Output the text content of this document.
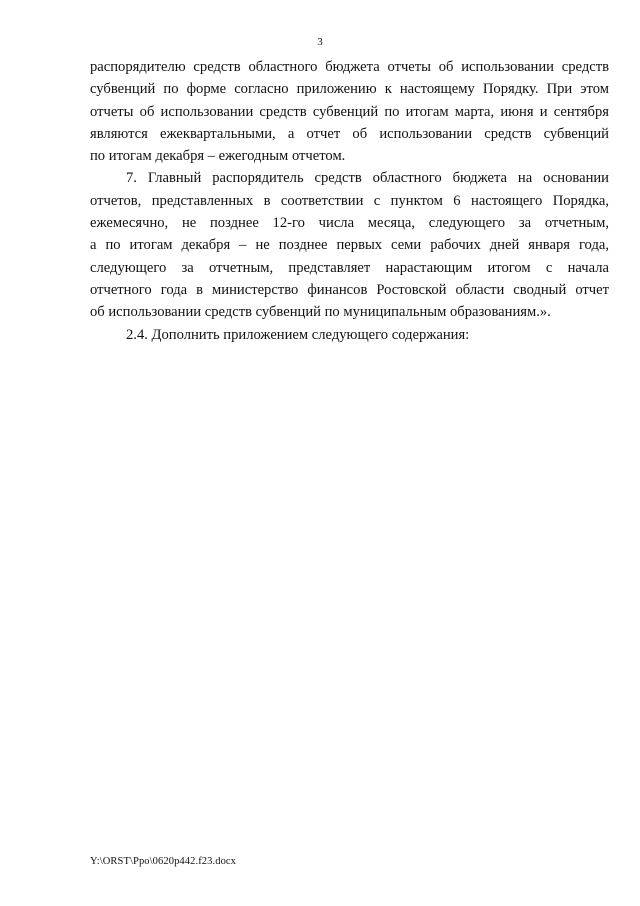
3

распорядителю средств областного бюджета отчеты об использовании средств
субвенций по форме согласно приложению к настоящему Порядку. При этом
отчеты об использовании средств субвенций по итогам марта, июня и сентября
являются ежеквартальными, а отчет об использовании средств субвенций
по итогам декабря – ежегодным отчетом.

7. Главный распорядитель средств областного бюджета на основании
отчетов, представленных в соответствии с пунктом 6 настоящего Порядка,
ежемесячно, не позднее 12-го числа месяца, следующего за отчетным,
а по итогам декабря – не позднее первых семи рабочих дней января года,
следующего за отчетным, представляет нарастающим итогом с начала
отчетного года в министерство финансов Ростовской области сводный отчет
об использовании средств субвенций по муниципальным образованиям.».

2.4. Дополнить приложением следующего содержания:

Y:\ORST\Ppo\0620p442.f23.docx
